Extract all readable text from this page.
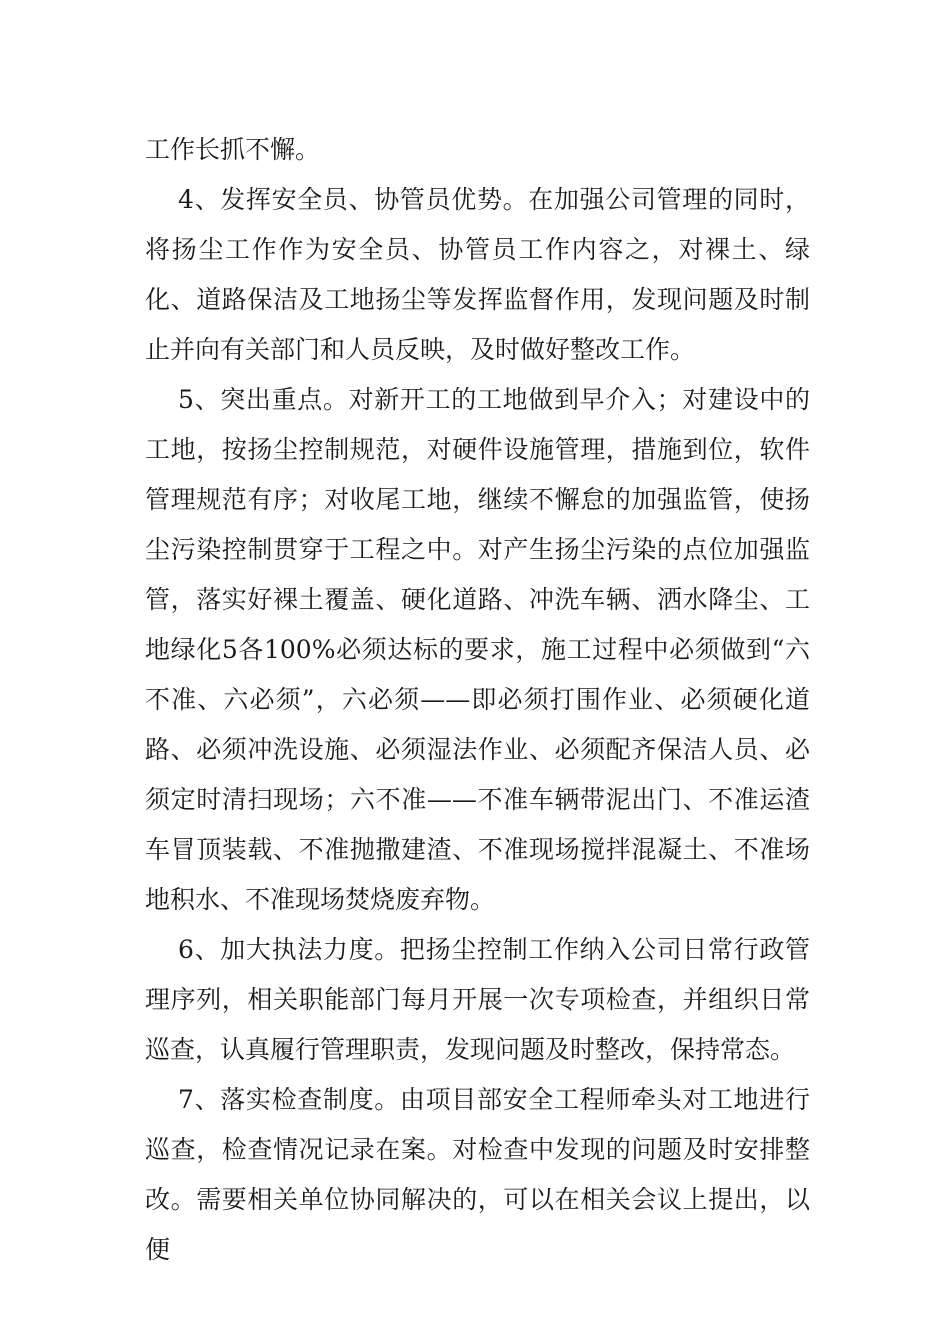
工作长抓不懈。

4、发挥安全员、协管员优势。在加强公司管理的同时，将扬尘工作作为安全员、协管员工作内容之，对裸土、绿化、道路保洁及工地扬尘等发挥监督作用，发现问题及时制止并向有关部门和人员反映，及时做好整改工作。

5、突出重点。对新开工的工地做到早介入；对建设中的工地，按扬尘控制规范，对硬件设施管理，措施到位，软件管理规范有序；对收尾工地，继续不懈怠的加强监管，使扬尘污染控制贯穿于工程之中。对产生扬尘污染的点位加强监管，落实好裸土覆盖、硬化道路、冲洗车辆、洒水降尘、工地绿化5各100%必须达标的要求，施工过程中必须做到“六不准、六必须”，六必须——即必须打围作业、必须硬化道路、必须冲洗设施、必须湿法作业、必须配齐保洁人员、必须定时清扫现场；六不准——不准车辆带泥出门、不准运渣车冒顶装载、不准抛撒建渣、不准现场搅拌混凝土、不准场地积水、不准现场焚烧废弃物。

6、加大执法力度。把扬尘控制工作纳入公司日常行政管理序列，相关职能部门每月开展一次专项检查，并组织日常巡查，认真履行管理职责，发现问题及时整改，保持常态。

7、落实检查制度。由项目部安全工程师牵头对工地进行巡查，检查情况记录在案。对检查中发现的问题及时安排整改。需要相关单位协同解决的，可以在相关会议上提出，以便
